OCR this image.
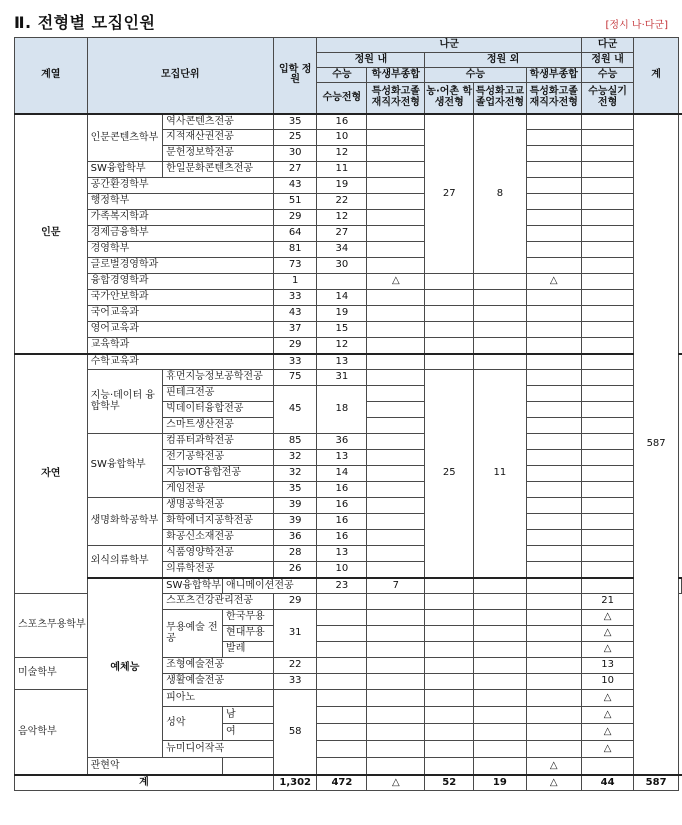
Ⅱ. 전형별 모집인원	[정시 나·다군]
계열	모집단위			입학 정원	나군					다군	계	
					정원 내		정원 외			정원 내		
					수능	학생부종합	수능		학생부종합	수능		
					수능전형	특성화고졸 재직자전형	농·어촌 학생전형	특성화고교 졸업자전형	특성화고졸 재직자전형	수능실기 전형		
인문	인문콘텐츠학부	역사콘텐츠전공		35	16		27	8			587	
		지적재산권전공		25	10							
		문헌정보학전공		30	12							
	SW융합학부	한일문화콘텐츠전공		27	11							
	공간환경학부			43	19							
	행정학부			51	22							
	가족복지학과			29	12							
	경제금융학부			64	27							
	경영학부			81	34							
	글로벌경영학과			73	30							
	융합경영학과			1		△			△			
	국가안보학과			33	14							
	국어교육과			43	19							
	영어교육과			37	15							
	교육학과			29	12							
자연	수학교육과			33	13							
	지능·데이터 융합학부	휴먼지능정보공학전공		75	31		25	11				
		핀테크전공		45	18							
		빅데이터융합전공										
		스마트생산전공										
	SW융합학부	컴퓨터과학전공		85	36							
		전기공학전공		32	13							
		지능IOT융합전공		32	14							
		게임전공		35	16							
	생명화학공학부	생명공학전공		39	16							
		화학에너지공학전공		39	16							
		화공신소재전공		36	16							
	외식의류학부	식품영양학전공		28	13							
		의류학전공		26	10							
	예체능	SW융합학부	애니메이션전공		23	7						
스포츠무용학부		스포츠건강관리전공		29						21		
		무용예술 전공	한국무용	31						△		
			현대무용							△		
			발레							△		
미술학부		조형예술전공		22						13		
		생활예술전공		33						10		
음악학부		피아노		58						△		
		성악	남							△		
			여							△		
		뉴미디어작곡								△		
	관현악								△			
계				1,302	472	△	52	19	△	44	587	
